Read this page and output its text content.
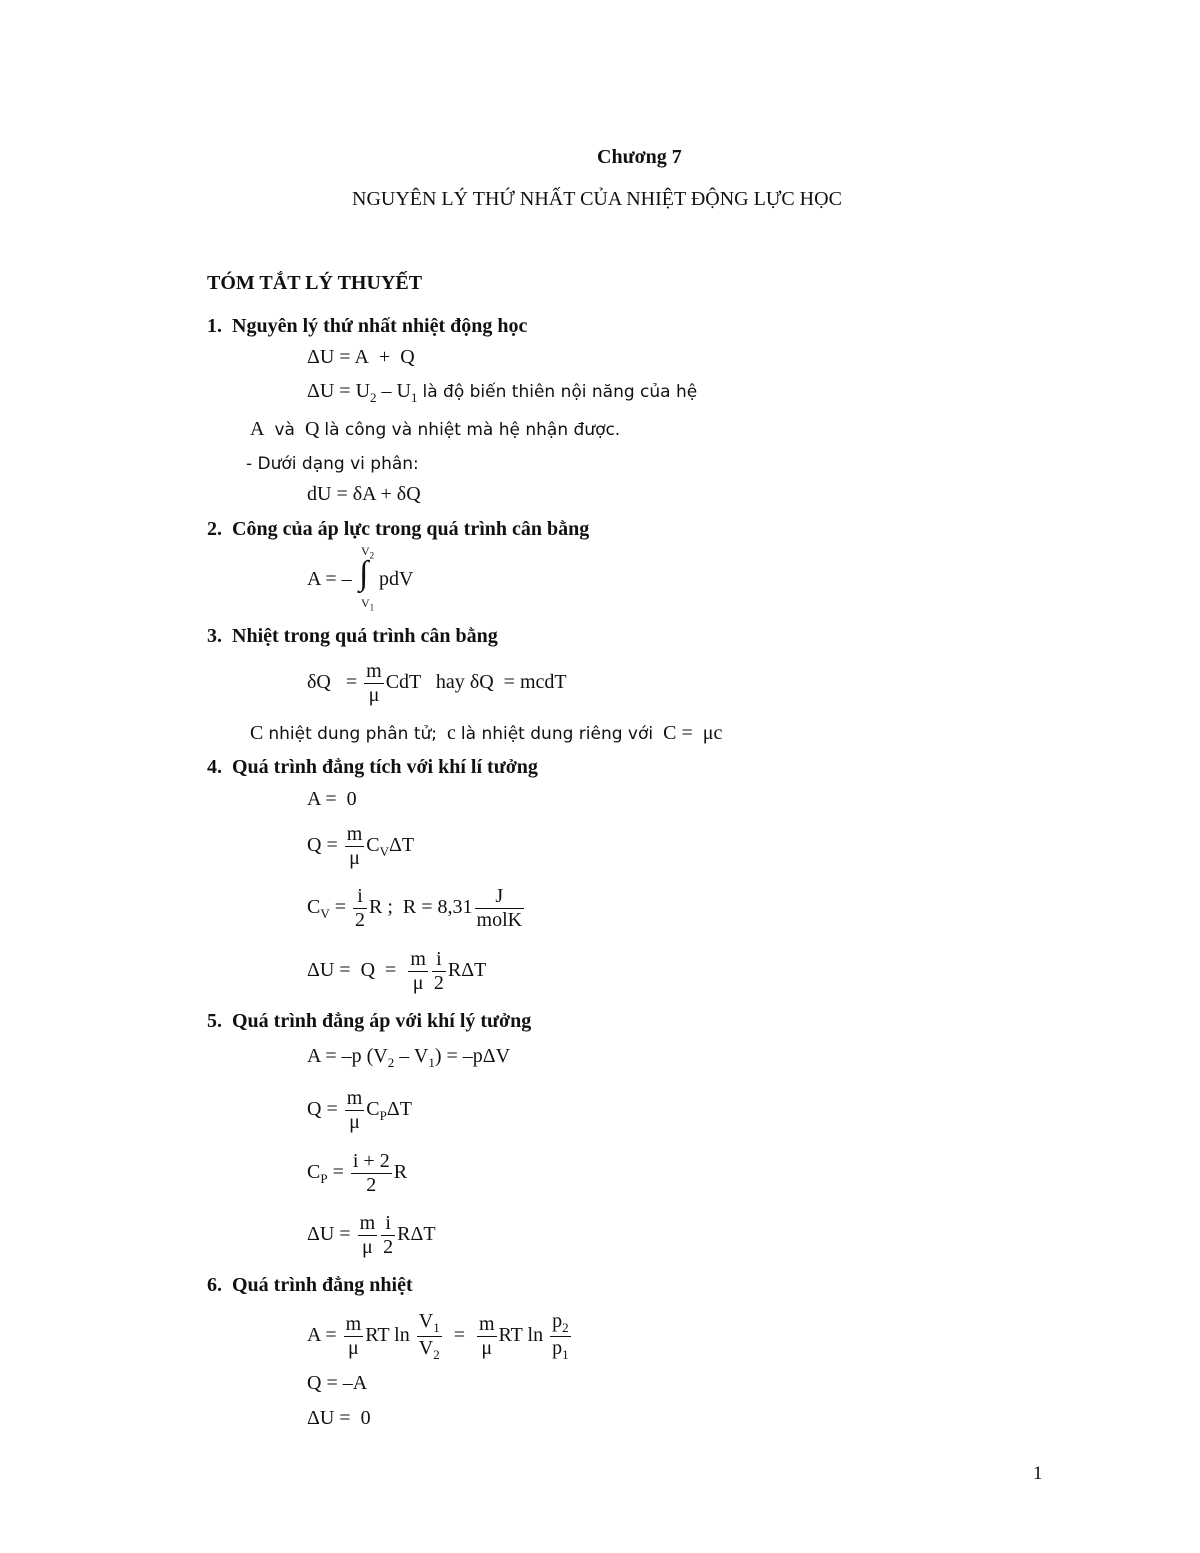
Chương 7
NGUYÊN LÝ THỨ NHẤT CỦA NHIỆT ĐỘNG LỰC HỌC
TÓM TẮT LÝ THUYẾT
1. Nguyên lý thứ nhất nhiệt động học
ΔU = A  +  Q
$\Delta U = U_2 - U_1$ là độ biến thiên nội năng của hệ
A  và  Q là công và nhiệt mà hệ nhận được.
- Dưới dạng vi phân:
dU = δA + δQ
2. Công của áp lực trong quá trình cân bằng
A = –
$V_2$
∫
$V_1$
pdV
3. Nhiệt trong quá trình cân bằng
$\delta Q = \frac{m}{\mu}$ CdT   hay δQ  = mcdT
C nhiệt dung phân tử;  c là nhiệt dung riêng với  C =  μc
4. Quá trình đẳng tích với khí lí tưởng
A =  0
$Q = \frac{m}{\mu} C_V\Delta T$
$C_V = \frac{i}{2}$ R ;  $R = 8,31 \frac{J}{\text{molK}}$
$\Delta U = Q = \frac{m}{\mu} \frac{i}{2}$ RΔT
5. Quá trình đẳng áp với khí lý tưởng
A = –p $(V_2 - V_1) = -p\Delta V$
$Q = \frac{m}{\mu} C_P\Delta T$
$C_P = \frac{i + 2}{2}$ R
$\Delta U = \frac{m}{\mu} \frac{i}{2}$ RΔT
6. Quá trình đẳng nhiệt
$A = \frac{m}{\mu}$ RT $\ln \frac{V_1}{V_2} = \frac{m}{\mu}$ RT $\ln \frac{p_2}{p_1}$
Q = –A
ΔU =  0
1
